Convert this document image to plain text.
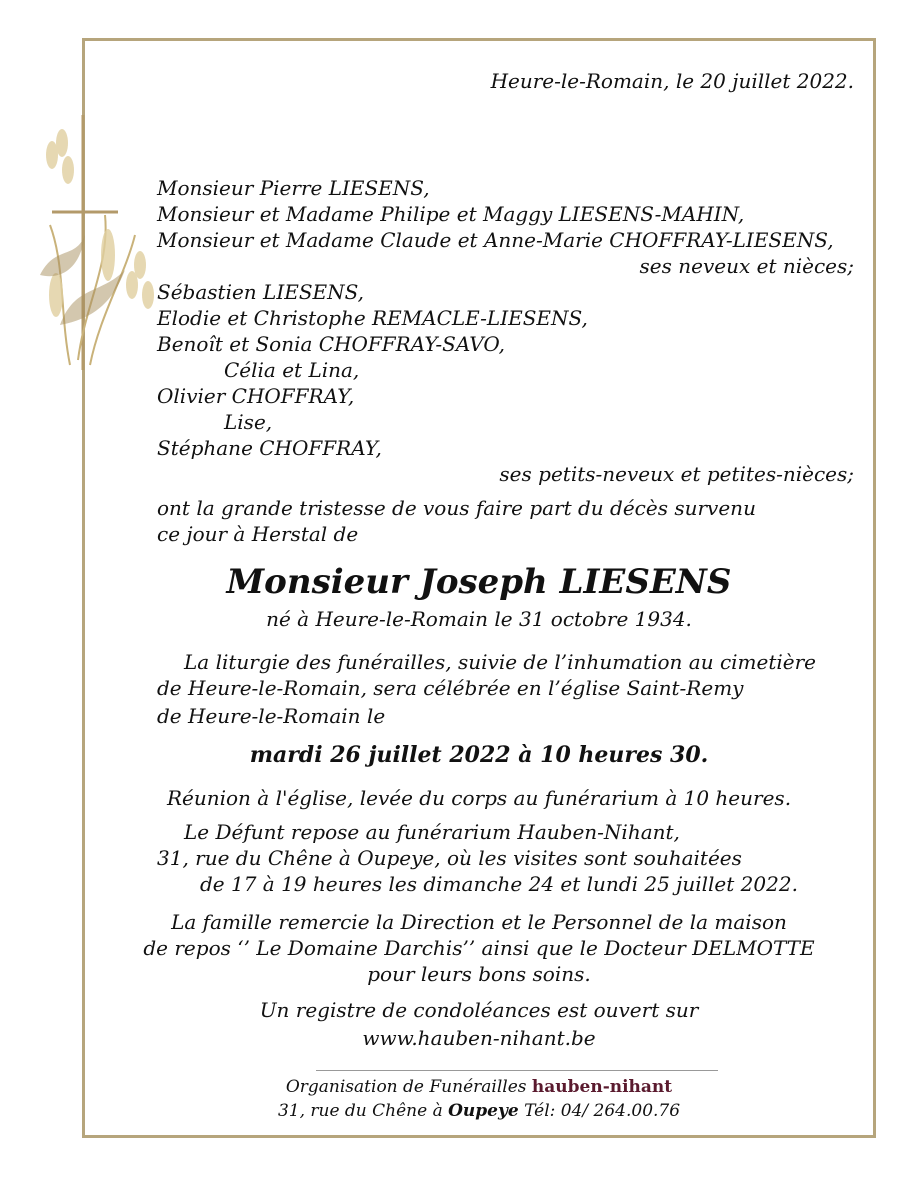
Heure-le-Romain, le 20 juillet 2022.

Monsieur Pierre LIESENS,

Monsieur et Madame Philipe et Maggy LIESENS-MAHIN,

Monsieur et Madame Claude et Anne-Marie CHOFFRAY-LIESENS,

ses neveux et nièces;

Sébastien LIESENS,

Elodie et Christophe REMACLE-LIESENS,

Benoît et Sonia CHOFFRAY-SAVO,

Célia et Lina,

Olivier CHOFFRAY,

Lise,

Stéphane CHOFFRAY,

ses petits-neveux et petites-nièces;

ont la grande tristesse de vous faire part du décès survenu

ce jour à Herstal de

Monsieur Joseph LIESENS

né à Heure-le-Romain le 31 octobre 1934.

La liturgie des funérailles, suivie de l’inhumation au cimetière

de Heure-le-Romain, sera célébrée en l’église Saint-Remy

de Heure-le-Romain le

mardi 26 juillet 2022 à 10 heures 30.

Réunion à l'église, levée du corps au funérarium à 10 heures.

Le Défunt repose au funérarium Hauben-Nihant,

31, rue du Chêne à Oupeye, où les visites sont souhaitées

de 17 à 19 heures les dimanche 24 et lundi 25 juillet 2022.

La famille remercie la Direction et le Personnel de la maison

de repos ‘’ Le Domaine Darchis’’ ainsi que le Docteur DELMOTTE

pour leurs bons soins.

Un registre de condoléances est ouvert sur

www.hauben-nihant.be

Organisation de Funérailles hauben-nihant

31, rue du Chêne à Oupeye Tél: 04/ 264.00.76
